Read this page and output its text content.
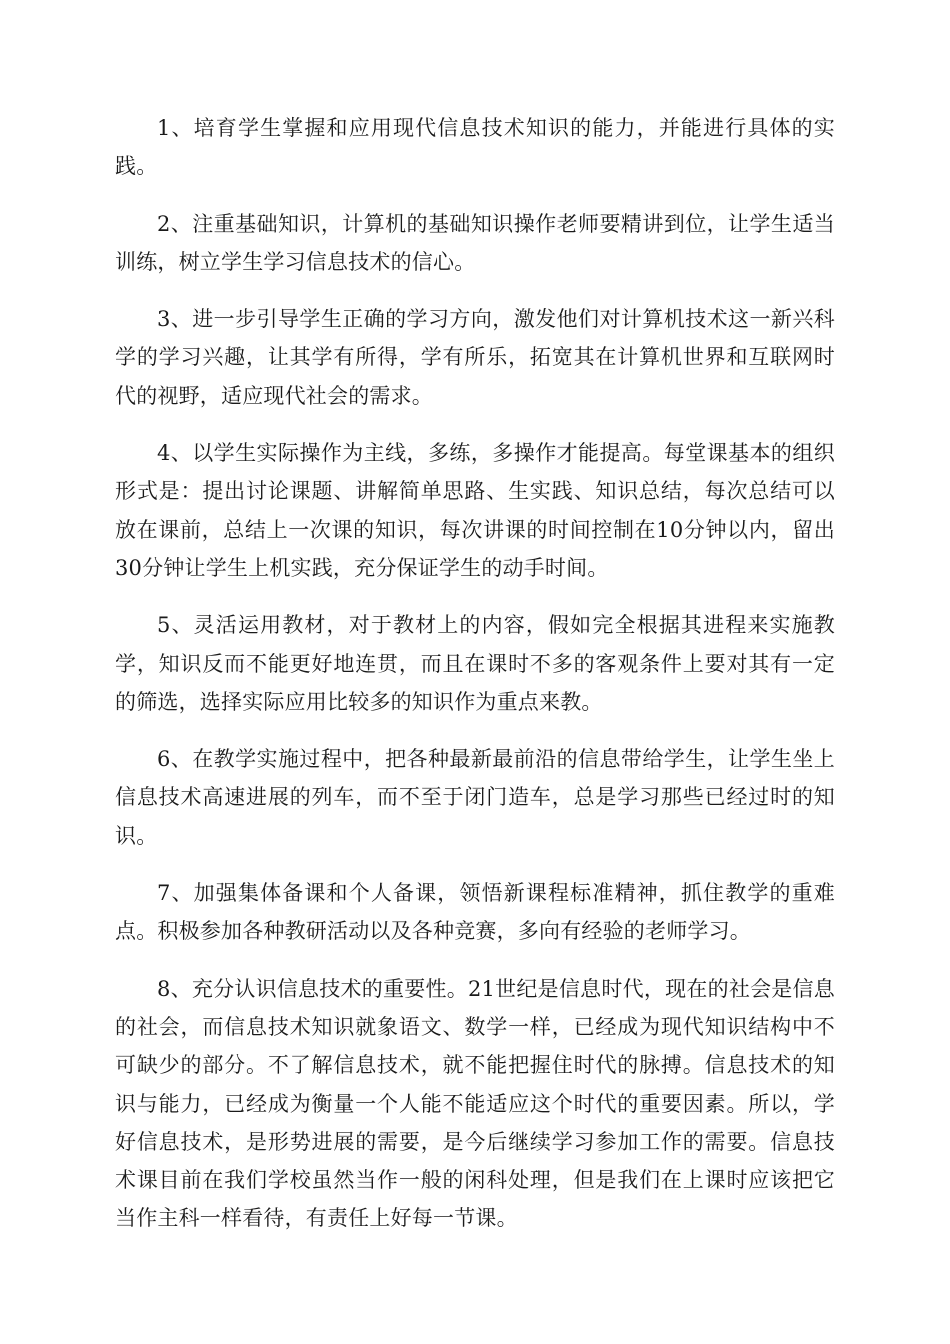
1、培育学生掌握和应用现代信息技术知识的能力，并能进行具体的实践。

2、注重基础知识，计算机的基础知识操作老师要精讲到位，让学生适当训练，树立学生学习信息技术的信心。

3、进一步引导学生正确的学习方向，激发他们对计算机技术这一新兴科学的学习兴趣，让其学有所得，学有所乐，拓宽其在计算机世界和互联网时代的视野，适应现代社会的需求。

4、以学生实际操作为主线，多练，多操作才能提高。每堂课基本的组织形式是：提出讨论课题、讲解简单思路、生实践、知识总结，每次总结可以放在课前，总结上一次课的知识，每次讲课的时间控制在10分钟以内，留出30分钟让学生上机实践，充分保证学生的动手时间。

5、灵活运用教材，对于教材上的内容，假如完全根据其进程来实施教学，知识反而不能更好地连贯，而且在课时不多的客观条件上要对其有一定的筛选，选择实际应用比较多的知识作为重点来教。

6、在教学实施过程中，把各种最新最前沿的信息带给学生，让学生坐上信息技术高速进展的列车，而不至于闭门造车，总是学习那些已经过时的知识。

7、加强集体备课和个人备课，领悟新课程标准精神，抓住教学的重难点。积极参加各种教研活动以及各种竞赛，多向有经验的老师学习。

8、充分认识信息技术的重要性。21世纪是信息时代，现在的社会是信息的社会，而信息技术知识就象语文、数学一样，已经成为现代知识结构中不可缺少的部分。不了解信息技术，就不能把握住时代的脉搏。信息技术的知识与能力，已经成为衡量一个人能不能适应这个时代的重要因素。所以，学好信息技术，是形势进展的需要，是今后继续学习参加工作的需要。信息技术课目前在我们学校虽然当作一般的闲科处理，但是我们在上课时应该把它当作主科一样看待，有责任上好每一节课。
